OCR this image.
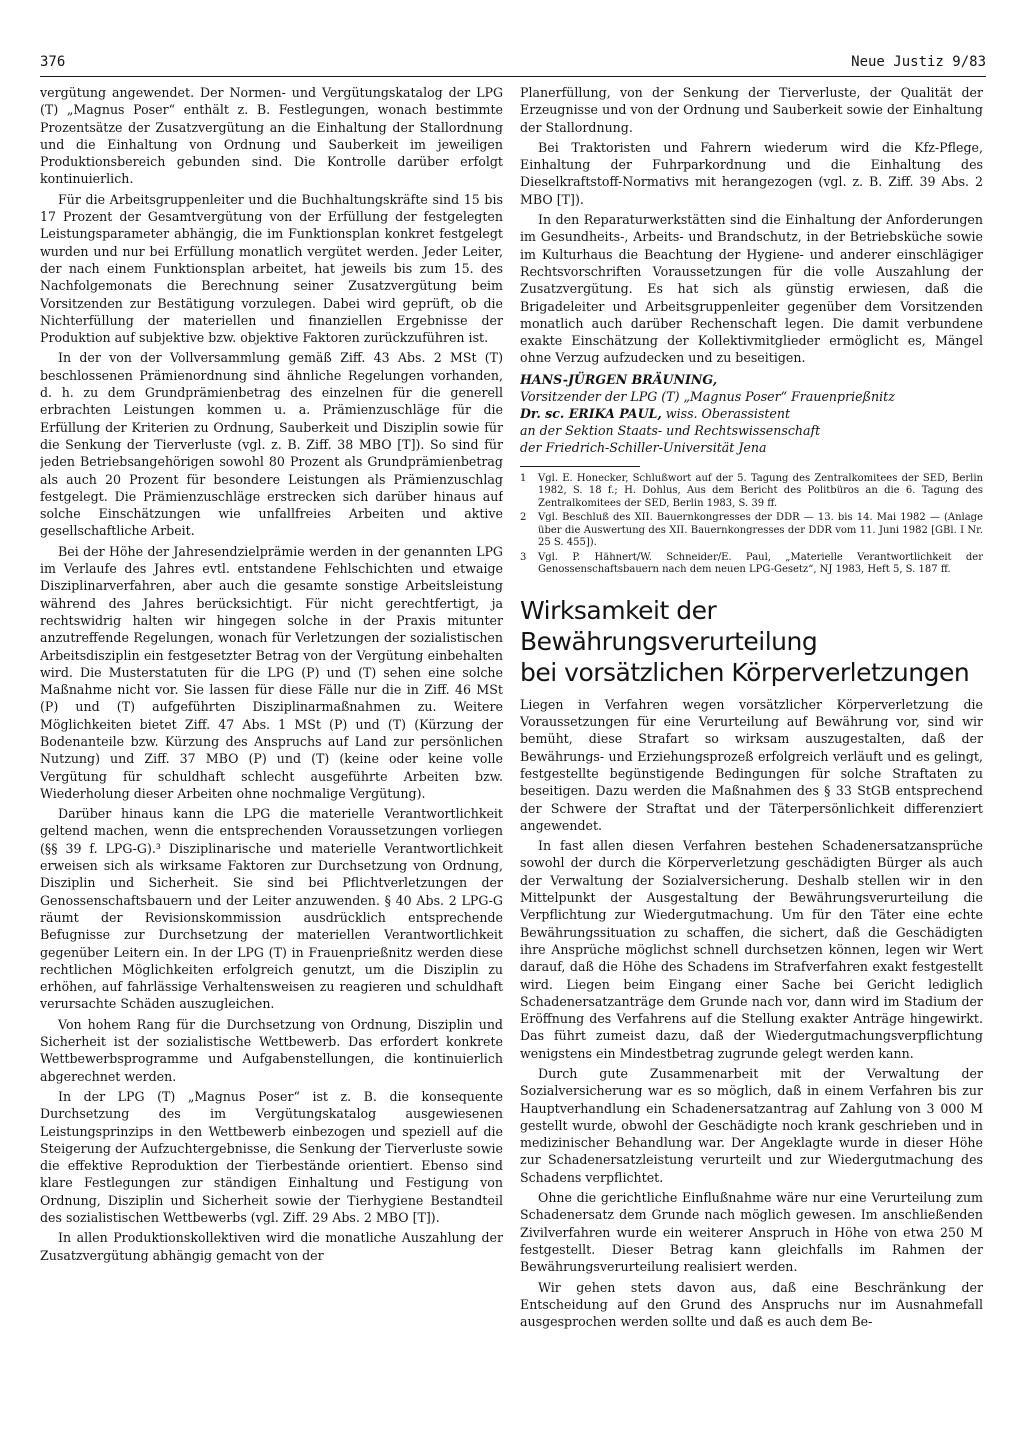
376	Neue Justiz 9/83

vergütung angewendet. Der Normen- und Vergütungskatalog der LPG (T) „Magnus Poser“ enthält z. B. Festlegungen, wonach bestimmte Prozentsätze der Zusatzvergütung an die Einhaltung der Stallordnung und die Einhaltung von Ordnung und Sauberkeit im jeweiligen Produktionsbereich gebunden sind. Die Kontrolle darüber erfolgt kontinuierlich.

Für die Arbeitsgruppenleiter und die Buchhaltungskräfte sind 15 bis 17 Prozent der Gesamtvergütung von der Erfüllung der festgelegten Leistungsparameter abhängig, die im Funktionsplan konkret festgelegt wurden und nur bei Erfüllung monatlich vergütet werden. Jeder Leiter, der nach einem Funktionsplan arbeitet, hat jeweils bis zum 15. des Nachfolgemonats die Berechnung seiner Zusatzvergütung beim Vorsitzenden zur Bestätigung vorzulegen. Dabei wird geprüft, ob die Nichterfüllung der materiellen und finanziellen Ergebnisse der Produktion auf subjektive bzw. objektive Faktoren zurückzuführen ist.

In der von der Vollversammlung gemäß Ziff. 43 Abs. 2 MSt (T) beschlossenen Prämienordnung sind ähnliche Regelungen vorhanden, d. h. zu dem Grundprämienbetrag des einzelnen für die generell erbrachten Leistungen kommen u. a. Prämienzuschläge für die Erfüllung der Kriterien zu Ordnung, Sauberkeit und Disziplin sowie für die Senkung der Tierverluste (vgl. z. B. Ziff. 38 MBO [T]). So sind für jeden Betriebsangehörigen sowohl 80 Prozent als Grundprämienbetrag als auch 20 Prozent für besondere Leistungen als Prämienzuschlag festgelegt. Die Prämienzuschläge erstrecken sich darüber hinaus auf solche Einschätzungen wie unfallfreies Arbeiten und aktive gesellschaftliche Arbeit.

Bei der Höhe der Jahresendzielprämie werden in der genannten LPG im Verlaufe des Jahres evtl. entstandene Fehlschichten und etwaige Disziplinarverfahren, aber auch die gesamte sonstige Arbeitsleistung während des Jahres berücksichtigt. Für nicht gerechtfertigt, ja rechtswidrig halten wir hingegen solche in der Praxis mitunter anzutreffende Regelungen, wonach für Verletzungen der sozialistischen Arbeitsdisziplin ein festgesetzter Betrag von der Vergütung einbehalten wird. Die Musterstatuten für die LPG (P) und (T) sehen eine solche Maßnahme nicht vor. Sie lassen für diese Fälle nur die in Ziff. 46 MSt (P) und (T) aufgeführten Disziplinarmaßnahmen zu. Weitere Möglichkeiten bietet Ziff. 47 Abs. 1 MSt (P) und (T) (Kürzung der Bodenanteile bzw. Kürzung des Anspruchs auf Land zur persönlichen Nutzung) und Ziff. 37 MBO (P) und (T) (keine oder keine volle Vergütung für schuldhaft schlecht ausgeführte Arbeiten bzw. Wiederholung dieser Arbeiten ohne nochmalige Vergütung).

Darüber hinaus kann die LPG die materielle Verantwortlichkeit geltend machen, wenn die entsprechenden Voraussetzungen vorliegen (§§ 39 f. LPG-G).³ Disziplinarische und materielle Verantwortlichkeit erweisen sich als wirksame Faktoren zur Durchsetzung von Ordnung, Disziplin und Sicherheit. Sie sind bei Pflichtverletzungen der Genossenschaftsbauern und der Leiter anzuwenden. § 40 Abs. 2 LPG-G räumt der Revisionskommission ausdrücklich entsprechende Befugnisse zur Durchsetzung der materiellen Verantwortlichkeit gegenüber Leitern ein. In der LPG (T) in Frauenprießnitz werden diese rechtlichen Möglichkeiten erfolgreich genutzt, um die Disziplin zu erhöhen, auf fahrlässige Verhaltensweisen zu reagieren und schuldhaft verursachte Schäden auszugleichen.

Von hohem Rang für die Durchsetzung von Ordnung, Disziplin und Sicherheit ist der sozialistische Wettbewerb. Das erfordert konkrete Wettbewerbsprogramme und Aufgabenstellungen, die kontinuierlich abgerechnet werden.

In der LPG (T) „Magnus Poser“ ist z. B. die konsequente Durchsetzung des im Vergütungskatalog ausgewiesenen Leistungsprinzips in den Wettbewerb einbezogen und speziell auf die Steigerung der Aufzuchtergebnisse, die Senkung der Tierverluste sowie die effektive Reproduktion der Tierbestände orientiert. Ebenso sind klare Festlegungen zur ständigen Einhaltung und Festigung von Ordnung, Disziplin und Sicherheit sowie der Tierhygiene Bestandteil des sozialistischen Wettbewerbs (vgl. Ziff. 29 Abs. 2 MBO [T]).

In allen Produktionskollektiven wird die monatliche Auszahlung der Zusatzvergütung abhängig gemacht von der

Planerfüllung, von der Senkung der Tierverluste, der Qualität der Erzeugnisse und von der Ordnung und Sauberkeit sowie der Einhaltung der Stallordnung.

Bei Traktoristen und Fahrern wiederum wird die Kfz-Pflege, Einhaltung der Fuhrparkordnung und die Einhaltung des Dieselkraftstoff-Normativs mit herangezogen (vgl. z. B. Ziff. 39 Abs. 2 MBO [T]).

In den Reparaturwerkstätten sind die Einhaltung der Anforderungen im Gesundheits-, Arbeits- und Brandschutz, in der Betriebsküche sowie im Kulturhaus die Beachtung der Hygiene- und anderer einschlägiger Rechtsvorschriften Voraussetzungen für die volle Auszahlung der Zusatzvergütung. Es hat sich als günstig erwiesen, daß die Brigadeleiter und Arbeitsgruppenleiter gegenüber dem Vorsitzenden monatlich auch darüber Rechenschaft legen. Die damit verbundene exakte Einschätzung der Kollektivmitglieder ermöglicht es, Mängel ohne Verzug aufzudecken und zu beseitigen.

HANS-JÜRGEN BRÄUNING,
Vorsitzender der LPG (T) „Magnus Poser“ Frauenprießnitz
Dr. sc. ERIKA PAUL, wiss. Oberassistent
an der Sektion Staats- und Rechtswissenschaft
der Friedrich-Schiller-Universität Jena
1	Vgl. E. Honecker, Schlußwort auf der 5. Tagung des Zentralkomitees der SED, Berlin 1982, S. 18 f.; H. Dohlus, Aus dem Bericht des Politbüros an die 6. Tagung des Zentralkomitees der SED, Berlin 1983, S. 39 ff.
2	Vgl. Beschluß des XII. Bauernkongresses der DDR — 13. bis 14. Mai 1982 — (Anlage über die Auswertung des XII. Bauernkongresses der DDR vom 11. Juni 1982 [GBl. I Nr. 25 S. 455]).
3	Vgl. P. Hähnert/W. Schneider/E. Paul, „Materielle Verantwortlichkeit der Genossenschaftsbauern nach dem neuen LPG-Gesetz“, NJ 1983, Heft 5, S. 187 ff.
Wirksamkeit der Bewährungsverurteilung
bei vorsätzlichen Körperverletzungen

Liegen in Verfahren wegen vorsätzlicher Körperverletzung die Voraussetzungen für eine Verurteilung auf Bewährung vor, sind wir bemüht, diese Strafart so wirksam auszugestalten, daß der Bewährungs- und Erziehungsprozeß erfolgreich verläuft und es gelingt, festgestellte begünstigende Bedingungen für solche Straftaten zu beseitigen. Dazu werden die Maßnahmen des § 33 StGB entsprechend der Schwere der Straftat und der Täterpersönlichkeit differenziert angewendet.

In fast allen diesen Verfahren bestehen Schadenersatzansprüche sowohl der durch die Körperverletzung geschädigten Bürger als auch der Verwaltung der Sozialversicherung. Deshalb stellen wir in den Mittelpunkt der Ausgestaltung der Bewährungsverurteilung die Verpflichtung zur Wiedergutmachung. Um für den Täter eine echte Bewährungssituation zu schaffen, die sichert, daß die Geschädigten ihre Ansprüche möglichst schnell durchsetzen können, legen wir Wert darauf, daß die Höhe des Schadens im Strafverfahren exakt festgestellt wird. Liegen beim Eingang einer Sache bei Gericht lediglich Schadenersatzanträge dem Grunde nach vor, dann wird im Stadium der Eröffnung des Verfahrens auf die Stellung exakter Anträge hingewirkt. Das führt zumeist dazu, daß der Wiedergutmachungsverpflichtung wenigstens ein Mindestbetrag zugrunde gelegt werden kann.

Durch gute Zusammenarbeit mit der Verwaltung der Sozialversicherung war es so möglich, daß in einem Verfahren bis zur Hauptverhandlung ein Schadenersatzantrag auf Zahlung von 3 000 M gestellt wurde, obwohl der Geschädigte noch krank geschrieben und in medizinischer Behandlung war. Der Angeklagte wurde in dieser Höhe zur Schadenersatzleistung verurteilt und zur Wiedergutmachung des Schadens verpflichtet.

Ohne die gerichtliche Einflußnahme wäre nur eine Verurteilung zum Schadenersatz dem Grunde nach möglich gewesen. Im anschließenden Zivilverfahren wurde ein weiterer Anspruch in Höhe von etwa 250 M festgestellt. Dieser Betrag kann gleichfalls im Rahmen der Bewährungsverurteilung realisiert werden.

Wir gehen stets davon aus, daß eine Beschränkung der Entscheidung auf den Grund des Anspruchs nur im Ausnahmefall ausgesprochen werden sollte und daß es auch dem Be-
